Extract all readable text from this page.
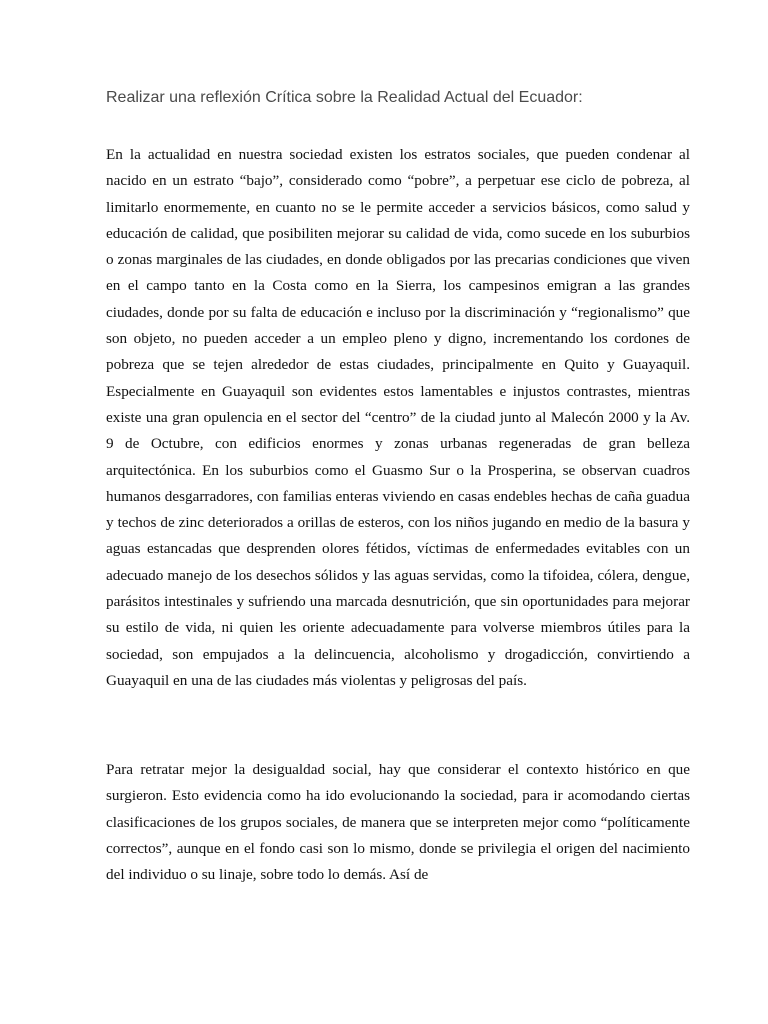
Realizar una reflexión Crítica sobre la Realidad Actual del Ecuador:

En la actualidad en nuestra sociedad existen los estratos sociales, que pueden condenar al nacido en un estrato “bajo”, considerado como “pobre”, a perpetuar ese ciclo de pobreza, al limitarlo enormemente, en cuanto no se le permite acceder a servicios básicos, como salud y educación de calidad, que posibiliten mejorar su calidad de vida, como sucede en los suburbios o zonas marginales de las ciudades, en donde obligados por las precarias condiciones que viven en el campo tanto en la Costa como en la Sierra, los campesinos emigran a las grandes ciudades, donde por su falta de educación e incluso por la discriminación y “regionalismo” que son objeto, no pueden acceder a un empleo pleno y digno, incrementando los cordones de pobreza que se tejen alrededor de estas ciudades, principalmente en Quito y Guayaquil. Especialmente en Guayaquil son evidentes estos lamentables e injustos contrastes, mientras existe una gran opulencia en el sector del “centro” de la ciudad junto al Malecón 2000 y la Av. 9 de Octubre, con edificios enormes y zonas urbanas regeneradas de gran belleza arquitectónica. En los suburbios como el Guasmo Sur o la Prosperina, se observan cuadros humanos desgarradores, con familias enteras viviendo en casas endebles hechas de caña guadua y techos de zinc deteriorados a orillas de esteros, con los niños jugando en medio de la basura y aguas estancadas que desprenden olores fétidos, víctimas de enfermedades evitables con un adecuado manejo de los desechos sólidos y las aguas servidas, como la tifoidea, cólera, dengue, parásitos intestinales y sufriendo una marcada desnutrición, que sin oportunidades para mejorar su estilo de vida, ni quien les oriente adecuadamente para volverse miembros útiles para la sociedad, son empujados a la delincuencia, alcoholismo y drogadicción, convirtiendo a Guayaquil en una de las ciudades más violentas y peligrosas del país.

Para retratar mejor la desigualdad social, hay que considerar el contexto histórico en que surgieron. Esto evidencia como ha ido evolucionando la sociedad, para ir acomodando ciertas clasificaciones de los grupos sociales, de manera que se interpreten mejor como “políticamente correctos”, aunque en el fondo casi son lo mismo, donde se privilegia el origen del nacimiento del individuo o su linaje, sobre todo lo demás. Así de
